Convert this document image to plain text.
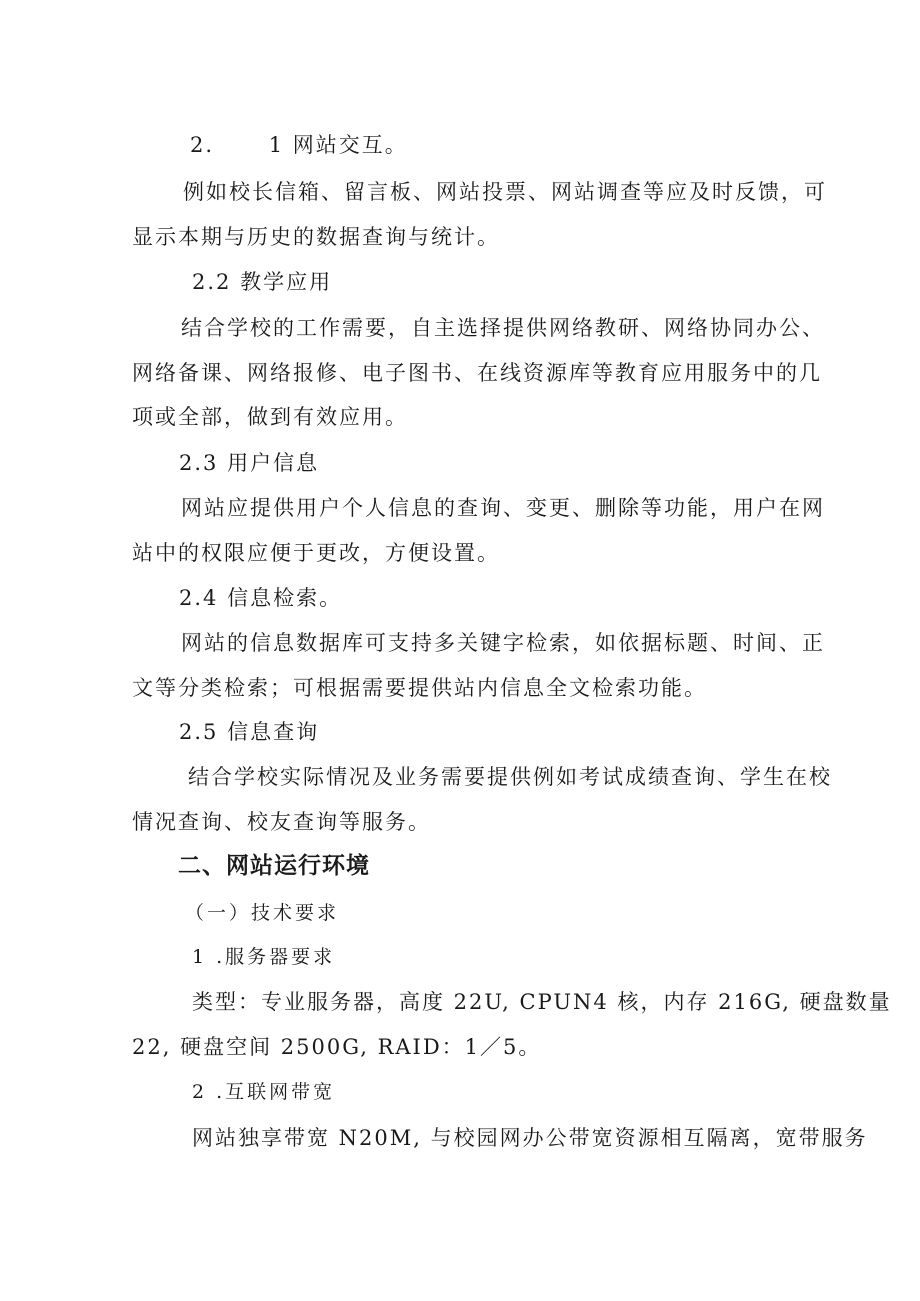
2.　　 1 网站交互。
例如校长信箱、留言板、网站投票、网站调查等应及时反馈，可
显示本期与历史的数据查询与统计。
2.2 教学应用
结合学校的工作需要，自主选择提供网络教研、网络协同办公、
网络备课、网络报修、电子图书、在线资源库等教育应用服务中的几
项或全部，做到有效应用。
2.3 用户信息
网站应提供用户个人信息的查询、变更、删除等功能，用户在网
站中的权限应便于更改，方便设置。
2.4 信息检索。
网站的信息数据库可支持多关键字检索，如依据标题、时间、正
文等分类检索；可根据需要提供站内信息全文检索功能。
2.5 信息查询
结合学校实际情况及业务需要提供例如考试成绩查询、学生在校
情况查询、校友查询等服务。
二、网站运行环境
（一）技术要求
1 .服务器要求
类型：专业服务器，高度 22U, CPUN4 核，内存 216G, 硬盘数量
22, 硬盘空间 2500G, RAID：1／5。
2 .互联网带宽
网站独享带宽 N20M, 与校园网办公带宽资源相互隔离，宽带服务
